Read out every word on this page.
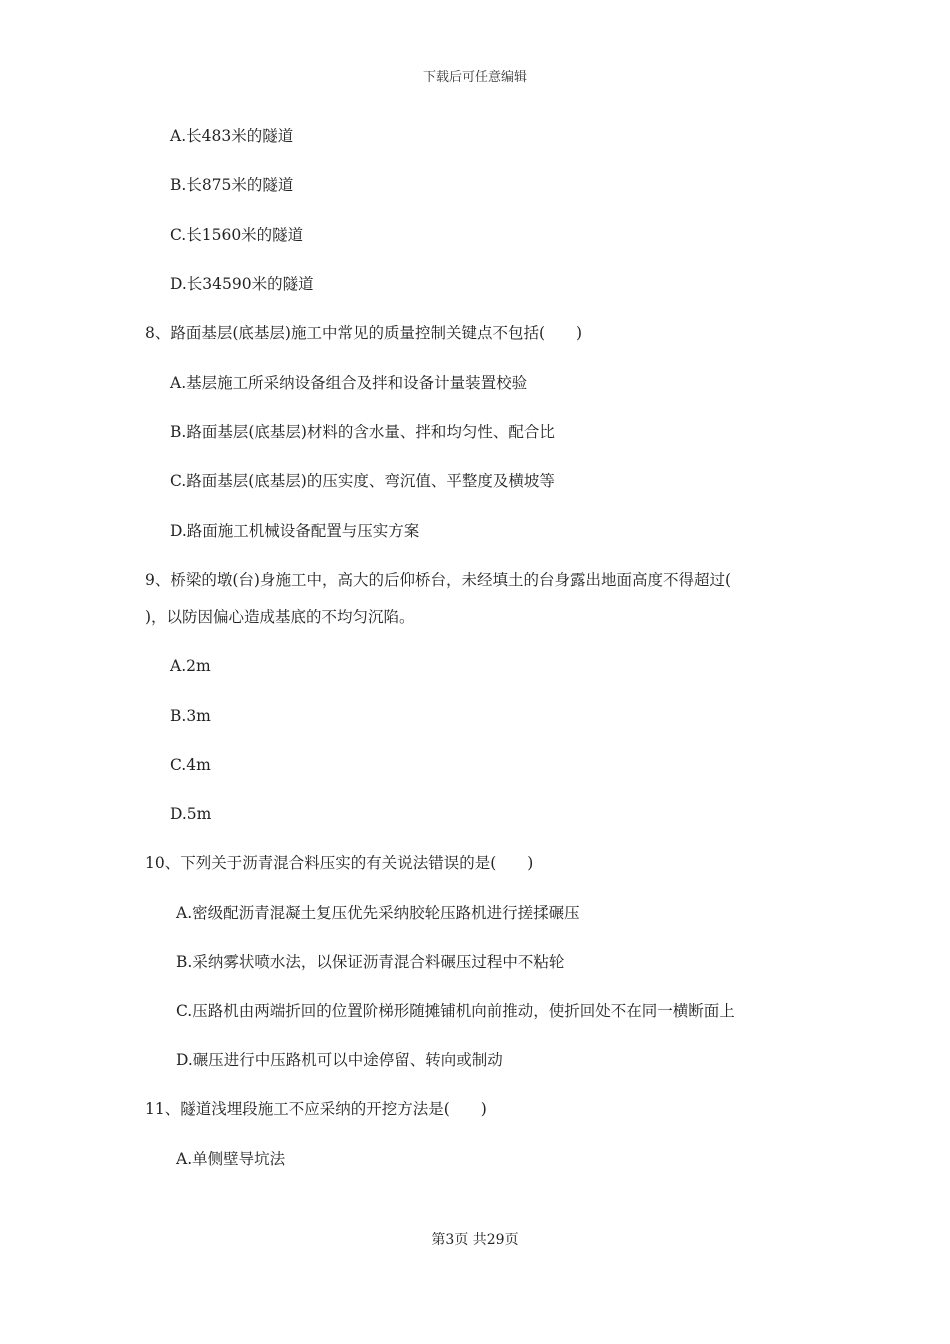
下载后可任意编辑
A.长483米的隧道
B.长875米的隧道
C.长1560米的隧道
D.长34590米的隧道
8、路面基层(底基层)施工中常见的质量控制关键点不包括(　　)
A.基层施工所采纳设备组合及拌和设备计量装置校验
B.路面基层(底基层)材料的含水量、拌和均匀性、配合比
C.路面基层(底基层)的压实度、弯沉值、平整度及横坡等
D.路面施工机械设备配置与压实方案
9、桥梁的墩(台)身施工中，高大的后仰桥台，未经填土的台身露出地面高度不得超过(
)，以防因偏心造成基底的不均匀沉陷。
A.2m
B.3m
C.4m
D.5m
10、下列关于沥青混合料压实的有关说法错误的是(　　)
A.密级配沥青混凝土复压优先采纳胶轮压路机进行搓揉碾压
B.采纳雾状喷水法，以保证沥青混合料碾压过程中不粘轮
C.压路机由两端折回的位置阶梯形随摊铺机向前推动，使折回处不在同一横断面上
D.碾压进行中压路机可以中途停留、转向或制动
11、隧道浅埋段施工不应采纳的开挖方法是(　　)
A.单侧壁导坑法
第3页 共29页
